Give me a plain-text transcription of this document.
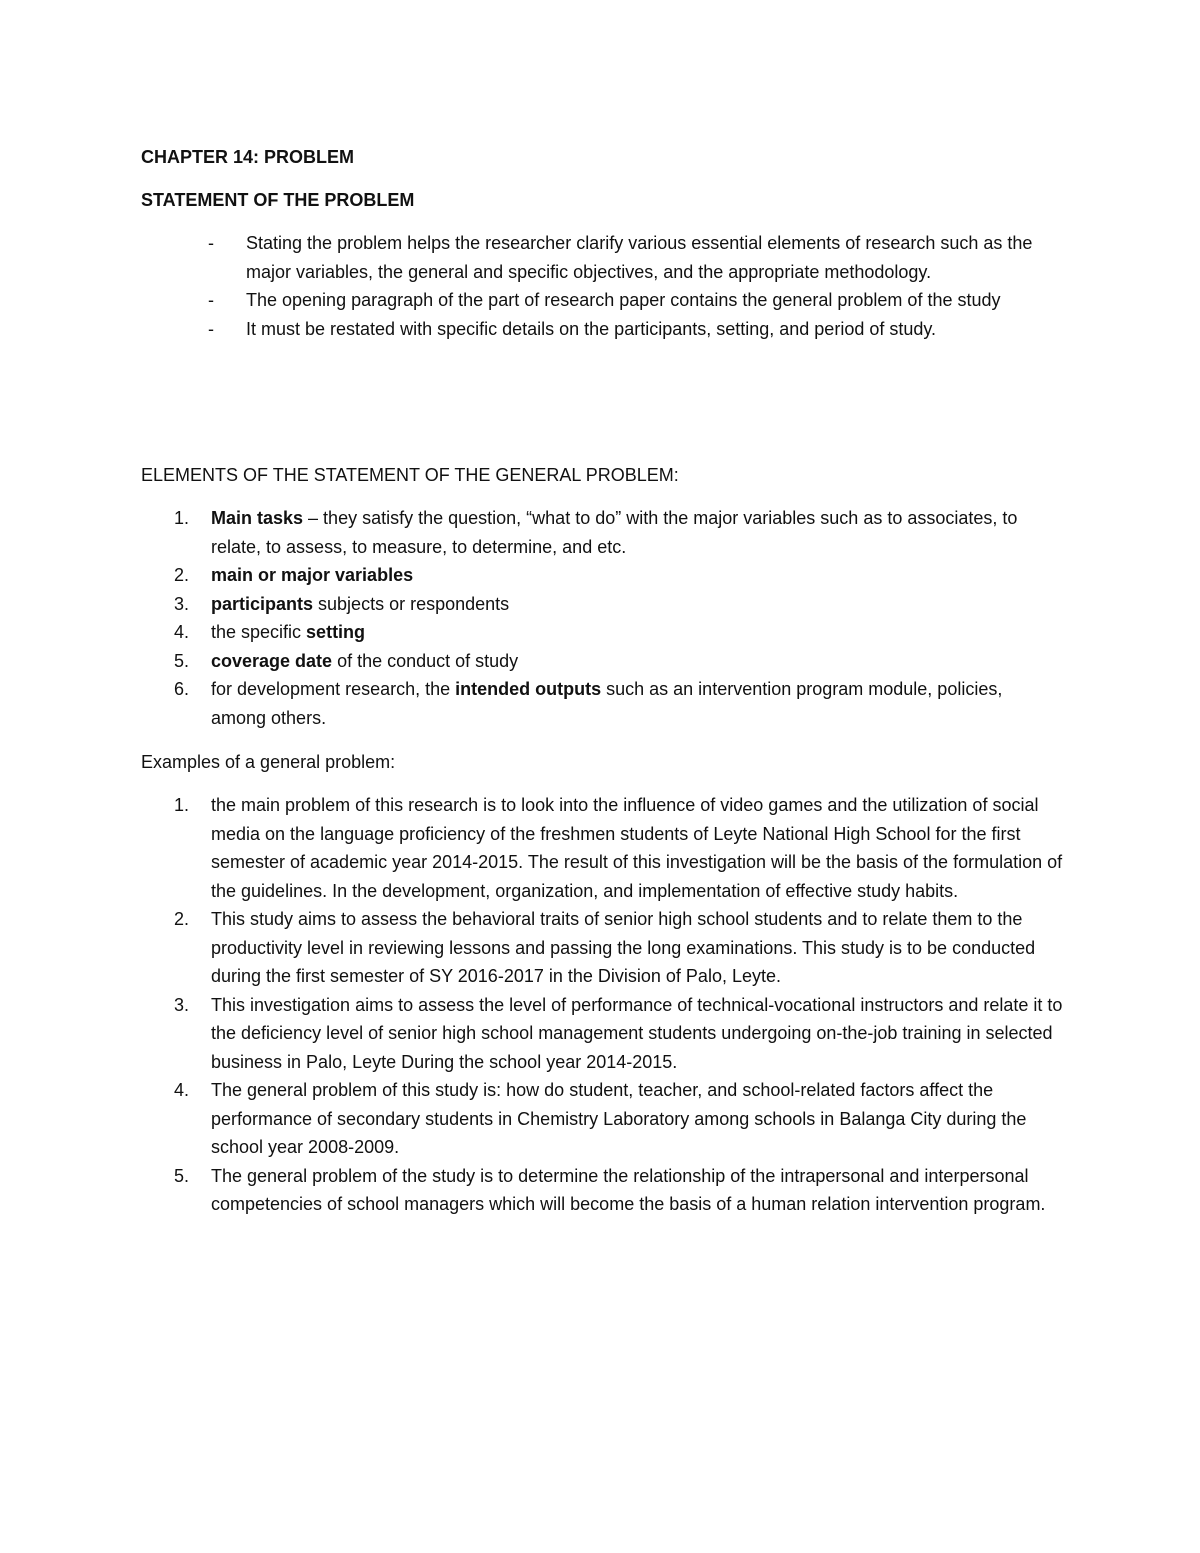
CHAPTER 14: PROBLEM

STATEMENT OF THE PROBLEM

-	Stating the problem helps the researcher clarify various essential elements of research such as the major variables, the general and specific objectives, and the appropriate methodology.
-	The opening paragraph of the part of research paper contains the general problem of the study
-	It must be restated with specific details on the participants, setting, and period of study.

ELEMENTS OF THE STATEMENT OF THE GENERAL PROBLEM:

1.	Main tasks – they satisfy the question, “what to do” with the major variables such as to associates, to relate, to assess, to measure, to determine, and etc.
2.	main or major variables
3.	participants subjects or respondents
4.	the specific setting
5.	coverage date of the conduct of study
6.	for development research, the intended outputs such as an intervention program module, policies, among others.

Examples of a general problem:

1.	the main problem of this research is to look into the influence of video games and the utilization of social media on the language proficiency of the freshmen students of Leyte National High School for the first semester of academic year 2014-2015. The result of this investigation will be the basis of the formulation of the guidelines. In the development, organization, and implementation of effective study habits.
2.	This study aims to assess the behavioral traits of senior high school students and to relate them to the productivity level in reviewing lessons and passing the long examinations. This study is to be conducted during the first semester of SY 2016-2017 in the Division of Palo, Leyte.
3.	This investigation aims to assess the level of performance of technical-vocational instructors and relate it to the deficiency level of senior high school management students undergoing on-the-job training in selected business in Palo, Leyte During the school year 2014-2015.
4.	The general problem of this study is: how do student, teacher, and school-related factors affect the performance of secondary students in Chemistry Laboratory among schools in Balanga City during the school year 2008-2009.
5.	The general problem of the study is to determine the relationship of the intrapersonal and interpersonal competencies of school managers which will become the basis of a human relation intervention program.
